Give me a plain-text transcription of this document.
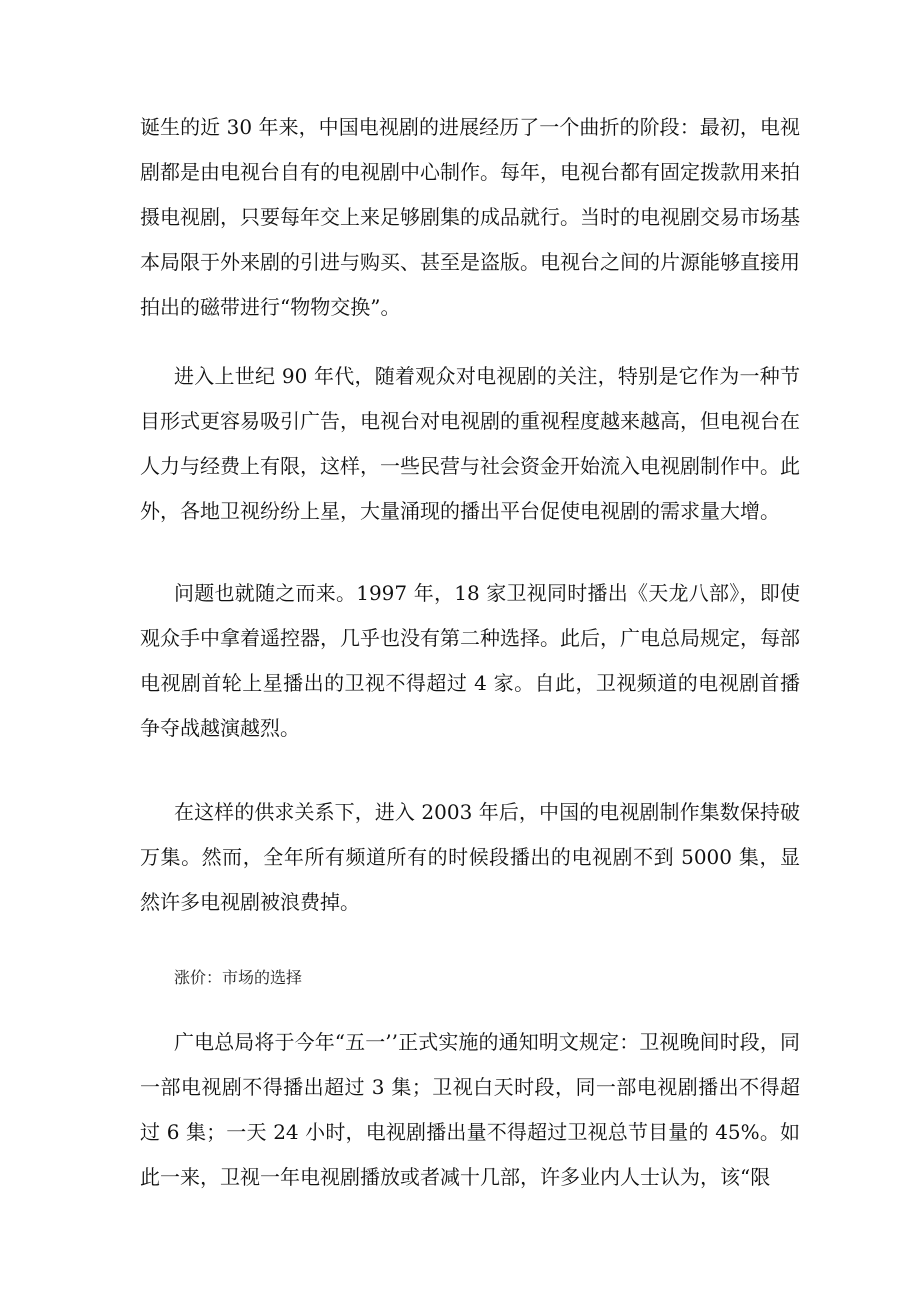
诞生的近 30 年来，中国电视剧的进展经历了一个曲折的阶段：最初，电视剧都是由电视台自有的电视剧中心制作。每年，电视台都有固定拨款用来拍摄电视剧，只要每年交上来足够剧集的成品就行。当时的电视剧交易市场基本局限于外来剧的引进与购买、甚至是盗版。电视台之间的片源能够直接用拍出的磁带进行“物物交换”。

进入上世纪 90 年代，随着观众对电视剧的关注，特别是它作为一种节目形式更容易吸引广告，电视台对电视剧的重视程度越来越高，但电视台在人力与经费上有限，这样，一些民营与社会资金开始流入电视剧制作中。此外，各地卫视纷纷上星，大量涌现的播出平台促使电视剧的需求量大增。

问题也就随之而来。1997 年，18 家卫视同时播出《天龙八部》，即使观众手中拿着遥控器，几乎也没有第二种选择。此后，广电总局规定，每部电视剧首轮上星播出的卫视不得超过 4 家。自此，卫视频道的电视剧首播争夺战越演越烈。

在这样的供求关系下，进入 2003 年后，中国的电视剧制作集数保持破万集。然而，全年所有频道所有的时候段播出的电视剧不到 5000 集，显然许多电视剧被浪费掉。

涨价：市场的选择

广电总局将于今年“五一’’正式实施的通知明文规定：卫视晚间时段，同一部电视剧不得播出超过 3 集；卫视白天时段，同一部电视剧播出不得超过 6 集；一天 24 小时，电视剧播出量不得超过卫视总节目量的 45%。如此一来，卫视一年电视剧播放或者减十几部，许多业内人士认为，该“限
